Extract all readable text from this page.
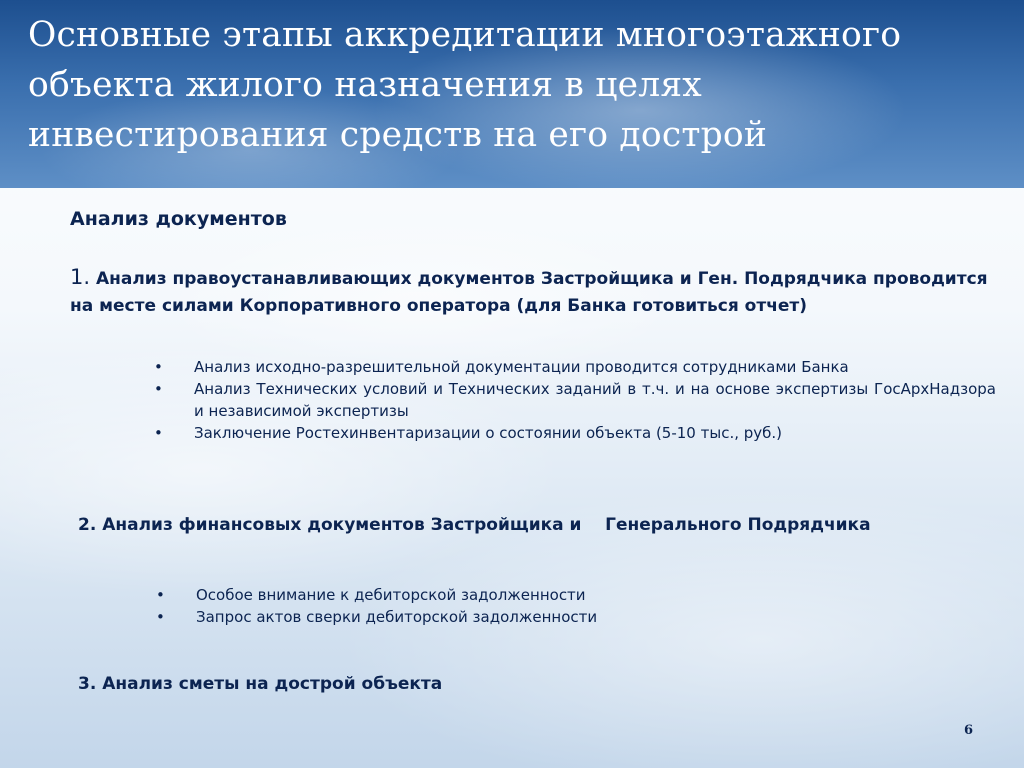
Основные этапы аккредитации многоэтажного объекта жилого назначения в целях инвестирования средств на его дострой
Анализ документов
1. Анализ правоустанавливающих документов Застройщика и Ген. Подрядчика проводится на месте силами Корпоративного оператора (для Банка готовиться отчет)
• Анализ исходно-разрешительной документации проводится сотрудниками Банка
• Анализ Технических условий и Технических заданий в т.ч. и на основе экспертизы ГосАрхНадзора и независимой экспертизы
• Заключение Ростехинвентаризации о состоянии объекта (5-10 тыс., руб.)
2. Анализ финансовых документов Застройщика и    Генерального Подрядчика
• Особое внимание к дебиторской задолженности
• Запрос актов сверки дебиторской задолженности
3. Анализ сметы на дострой объекта
6
